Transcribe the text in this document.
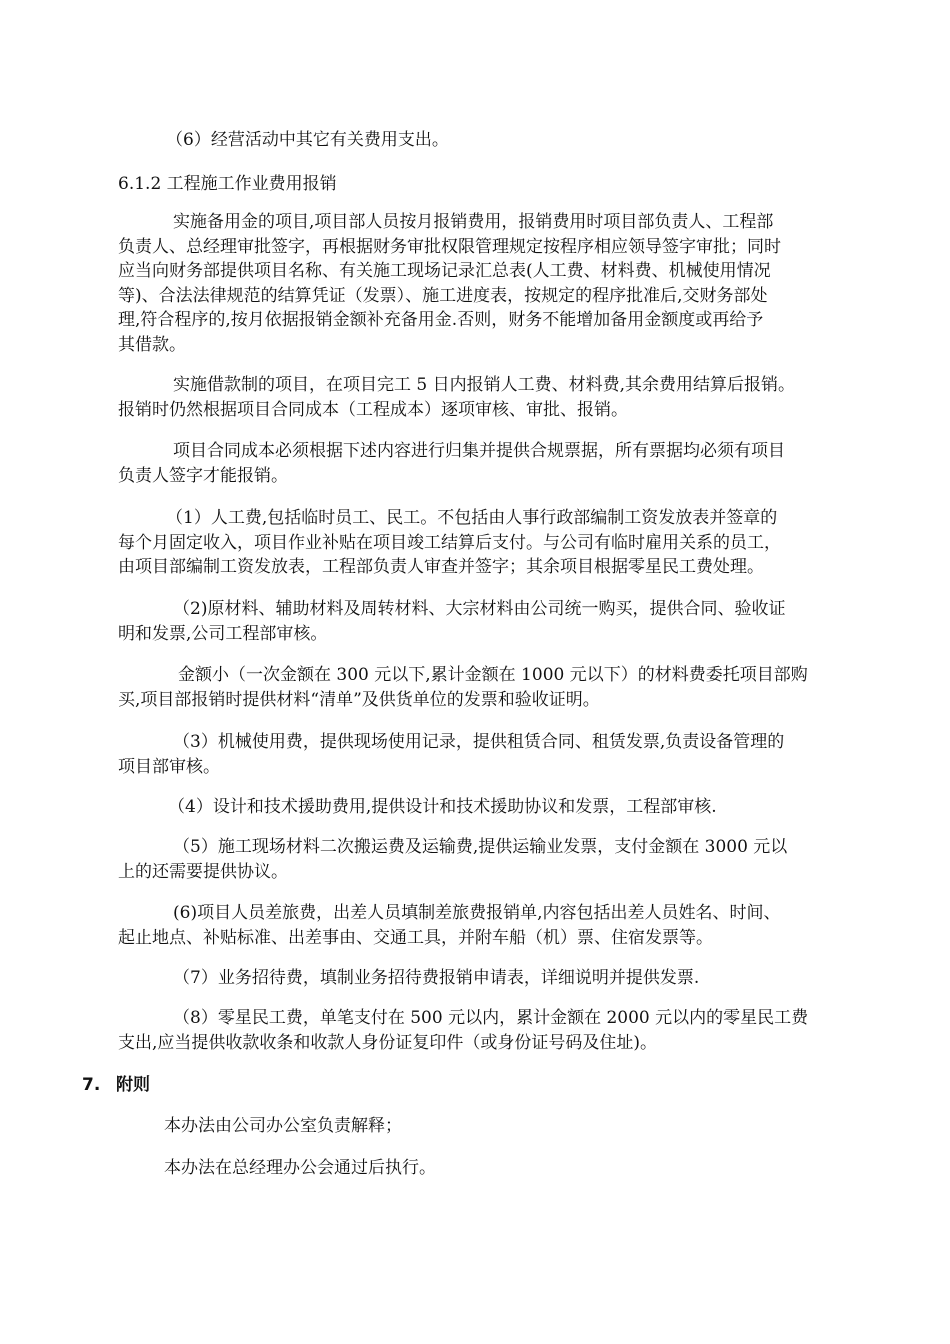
（6）经营活动中其它有关费用支出。

6.1.2 工程施工作业费用报销

实施备用金的项目,项目部人员按月报销费用，报销费用时项目部负责人、工程部
负责人、总经理审批签字，再根据财务审批权限管理规定按程序相应领导签字审批；同时
应当向财务部提供项目名称、有关施工现场记录汇总表(人工费、材料费、机械使用情况
等)、合法法律规范的结算凭证（发票）、施工进度表，按规定的程序批准后,交财务部处
理,符合程序的,按月依据报销金额补充备用金.否则，财务不能增加备用金额度或再给予
其借款。

实施借款制的项目，在项目完工 5 日内报销人工费、材料费,其余费用结算后报销。
报销时仍然根据项目合同成本（工程成本）逐项审核、审批、报销。

项目合同成本必须根据下述内容进行归集并提供合规票据，所有票据均必须有项目
负责人签字才能报销。

（1）人工费,包括临时员工、民工。不包括由人事行政部编制工资发放表并签章的
每个月固定收入，项目作业补贴在项目竣工结算后支付。与公司有临时雇用关系的员工，
由项目部编制工资发放表，工程部负责人审查并签字；其余项目根据零星民工费处理。

（2)原材料、辅助材料及周转材料、大宗材料由公司统一购买，提供合同、验收证
明和发票,公司工程部审核。

金额小（一次金额在 300 元以下,累计金额在 1000 元以下）的材料费委托项目部购
买,项目部报销时提供材料“清单”及供货单位的发票和验收证明。

（3）机械使用费，提供现场使用记录，提供租赁合同、租赁发票,负责设备管理的
项目部审核。

（4）设计和技术援助费用,提供设计和技术援助协议和发票，工程部审核.

（5）施工现场材料二次搬运费及运输费,提供运输业发票，支付金额在 3000 元以
上的还需要提供协议。

(6)项目人员差旅费，出差人员填制差旅费报销单,内容包括出差人员姓名、时间、
起止地点、补贴标准、出差事由、交通工具，并附车船（机）票、住宿发票等。

（7）业务招待费，填制业务招待费报销申请表，详细说明并提供发票.

（8）零星民工费，单笔支付在 500 元以内，累计金额在 2000 元以内的零星民工费
支出,应当提供收款收条和收款人身份证复印件（或身份证号码及住址)。

7. 附则

本办法由公司办公室负责解释；

本办法在总经理办公会通过后执行。
